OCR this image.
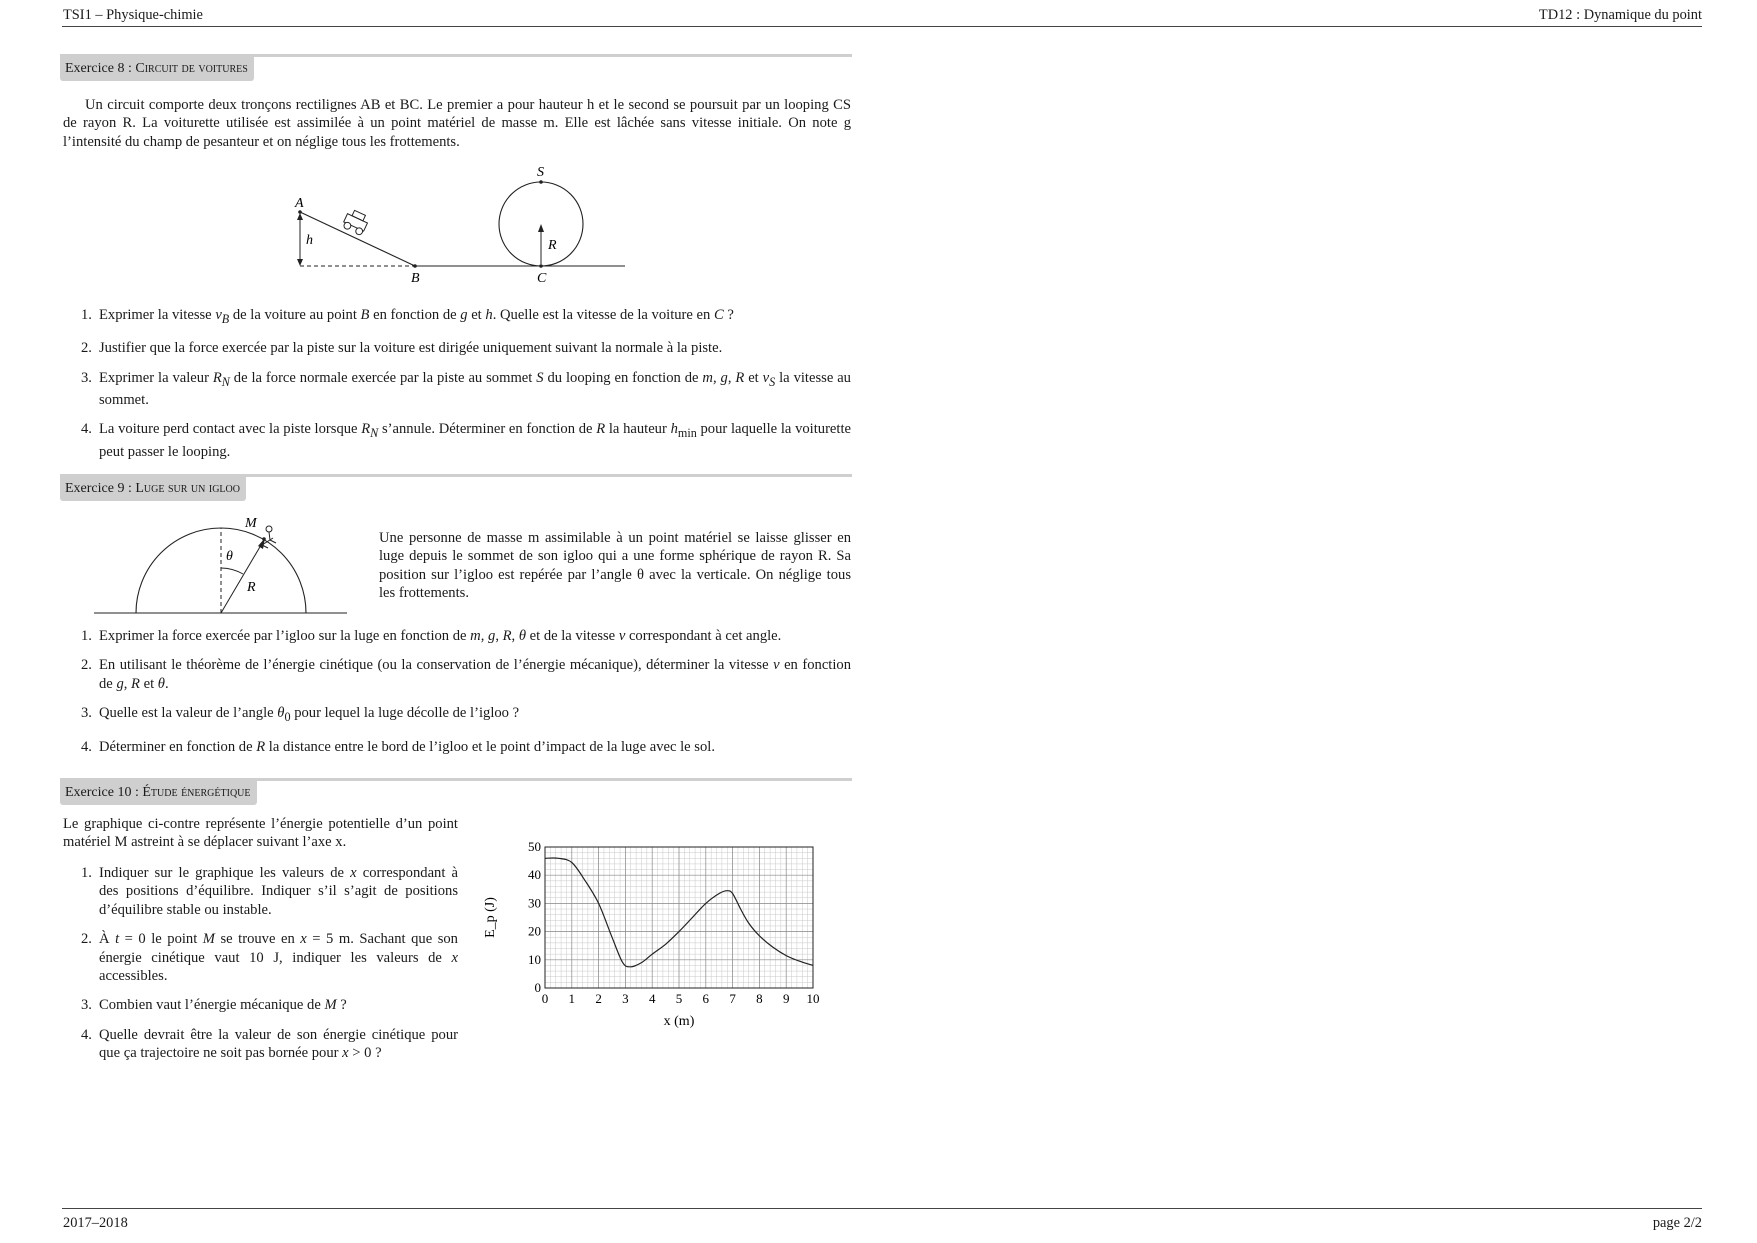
TSI1 – Physique-chimie	TD12 : Dynamique du point
Exercice 8 : Circuit de voitures
Un circuit comporte deux tronçons rectilignes AB et BC. Le premier a pour hauteur h et le second se poursuit par un looping CS de rayon R. La voiturette utilisée est assimilée à un point matériel de masse m. Elle est lâchée sans vitesse initiale. On note g l’intensité du champ de pesanteur et on néglige tous les frottements.
A
h
B	C
S
R
1. Exprimer la vitesse $v_B$ de la voiture au point B en fonction de g et h. Quelle est la vitesse de la voiture en C ?
2. Justifier que la force exercée par la piste sur la voiture est dirigée uniquement suivant la normale à la piste.
3. Exprimer la valeur $R_N$ de la force normale exercée par la piste au sommet S du looping en fonction de m, g, R et $v_S$ la vitesse au sommet.
4. La voiture perd contact avec la piste lorsque $R_N$ s’annule. Déterminer en fonction de R la hauteur $h_{min}$ pour laquelle la voiturette peut passer le looping.
Exercice 9 : Luge sur un igloo
M
θ
R
Une personne de masse m assimilable à un point matériel se laisse glisser en luge depuis le sommet de son igloo qui a une forme sphérique de rayon R. Sa position sur l’igloo est repérée par l’angle θ avec la verticale. On néglige tous les frottements.
1. Exprimer la force exercée par l’igloo sur la luge en fonction de m, g, R, θ et de la vitesse v correspondant à cet angle.
2. En utilisant le théorème de l’énergie cinétique (ou la conservation de l’énergie mécanique), déterminer la vitesse v en fonction de g, R et θ.
3. Quelle est la valeur de l’angle $\theta_0$ pour lequel la luge décolle de l’igloo ?
4. Déterminer en fonction de R la distance entre le bord de l’igloo et le point d’impact de la luge avec le sol.
Exercice 10 : Étude énergétique
Le graphique ci-contre représente l’énergie potentielle d’un point matériel M astreint à se déplacer suivant l’axe x.
1. Indiquer sur le graphique les valeurs de x correspondant à des positions d’équilibre. Indiquer s’il s’agit de positions d’équilibre stable ou instable.
2. À t = 0 le point M se trouve en x = 5 m. Sachant que son énergie cinétique vaut 10 J, indiquer les valeurs de x accessibles.
3. Combien vaut l’énergie mécanique de M ?
4. Quelle devrait être la valeur de son énergie cinétique pour que ça trajectoire ne soit pas bornée pour x > 0 ?
0 1 2 3 4 5 6 7 8 9 10
0
10
20
30
40
50
x (m)
E_p (J)
2017–2018	page 2/2
